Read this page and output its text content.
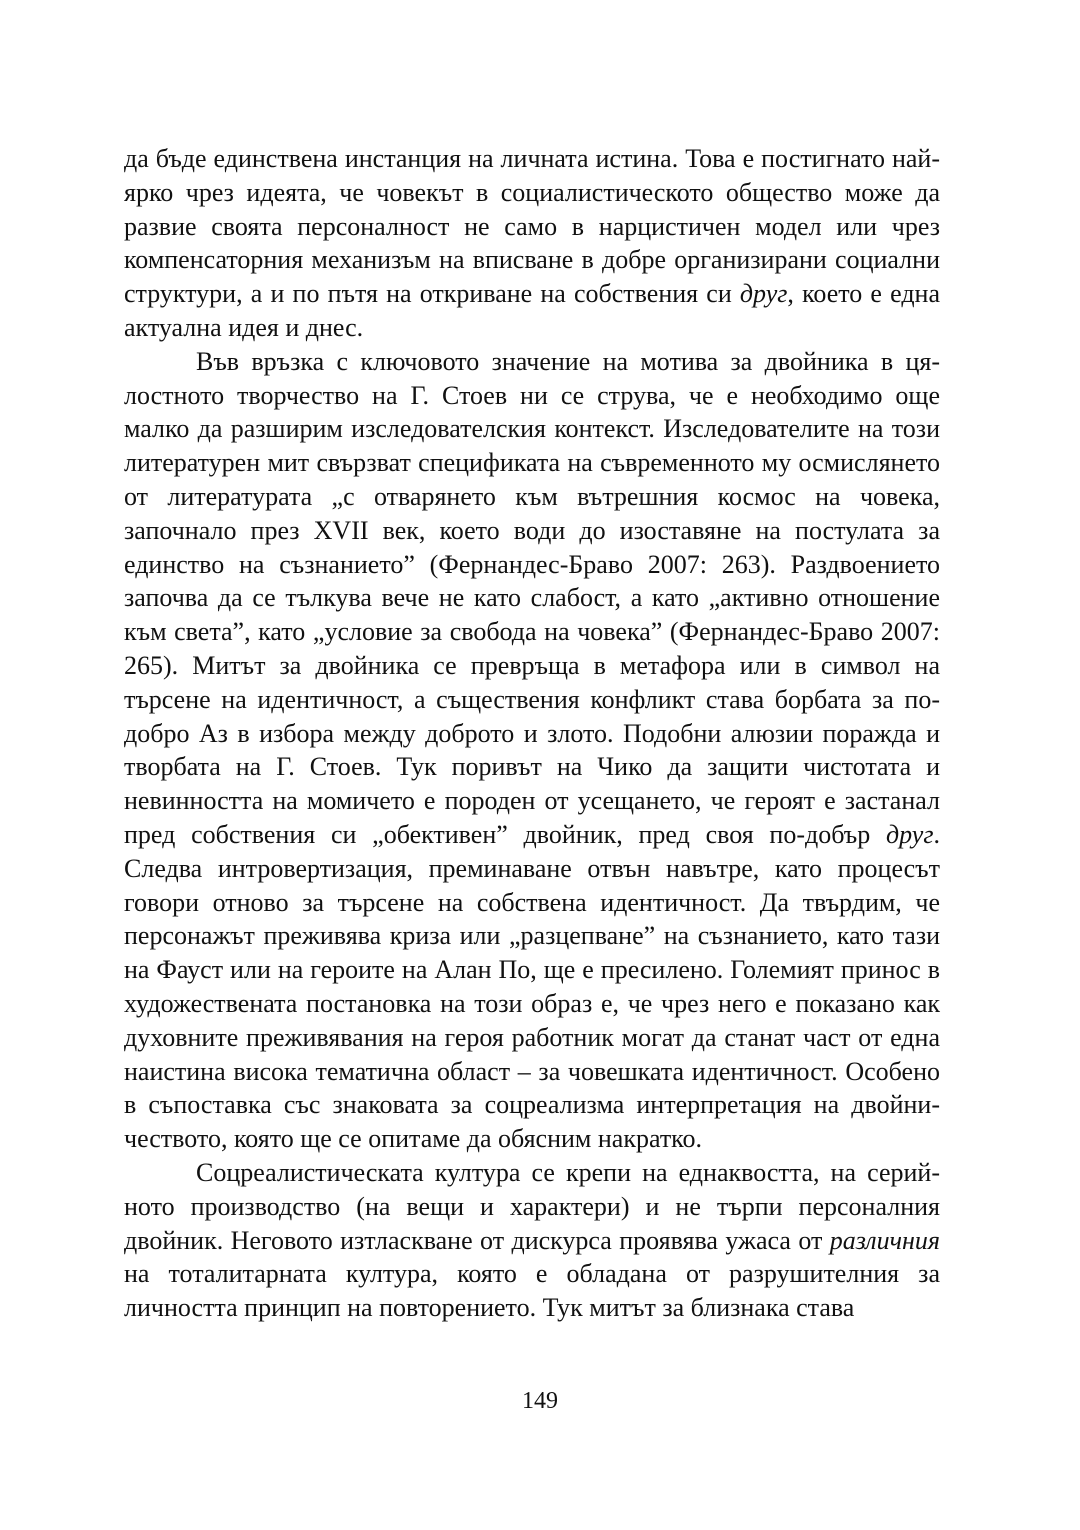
да бъде единствена инстанция на личната истина. Това е постигнато най-ярко чрез идеята, че човекът в социалистическото общество може да развие своята персоналност не само в нарцистичен модел или чрез компенсаторния механизъм на вписване в добре организирани социални структури, а и по пътя на откриване на собствения си друг, което е една актуална идея и днес.

Във връзка с ключовото значение на мотива за двойника в цялостното творчество на Г. Стоев ни се струва, че е необходимо още малко да разширим изследователския контекст. Изследователите на този литературен мит свързват спецификата на съвременното му осмислянето от литературата „с отварянето към вътрешния космос на човека, започнало през XVII век, което води до изоставяне на постулата за единство на съзнанието” (Фернандес-Браво 2007: 263). Раздвоението започва да се тълкува вече не като слабост, а като „активно отношение към света”, като „условие за свобода на човека” (Фернандес-Браво 2007: 265). Митът за двойника се превръща в метафора или в символ на търсене на идентичност, а съществения конфликт става борбата за по-добро Аз в избора между доброто и злото. Подобни алюзии поражда и творбата на Г. Стоев. Тук поривът на Чико да защити чистотата и невинността на момичето е породен от усещането, че героят е застанал пред собствения си „обективен” двойник, пред своя по-добър друг. Следва интровертизация, преминаване отвън навътре, като процесът говори отново за търсене на собствена идентичност. Да твърдим, че персонажът преживява криза или „разцепване” на съзнанието, като тази на Фауст или на героите на Алан По, ще е пресилено. Големият принос в художествената постановка на този образ е, че чрез него е показано как духовните преживявания на героя работник могат да станат част от една наистина висока тематична област – за човешката идентичност. Особено в съпоставка със знаковата за соцреализма интерпретация на двойничеството, която ще се опитаме да обясним накратко.

Соцреалистическата култура се крепи на еднаквостта, на серийното производство (на вещи и характери) и не търпи персоналния двойник. Неговото изтласкване от дискурса проявява ужаса от различния на тоталитарната култура, която е обладана от разрушителния за личността принцип на повторението. Тук митът за близнака става

149
